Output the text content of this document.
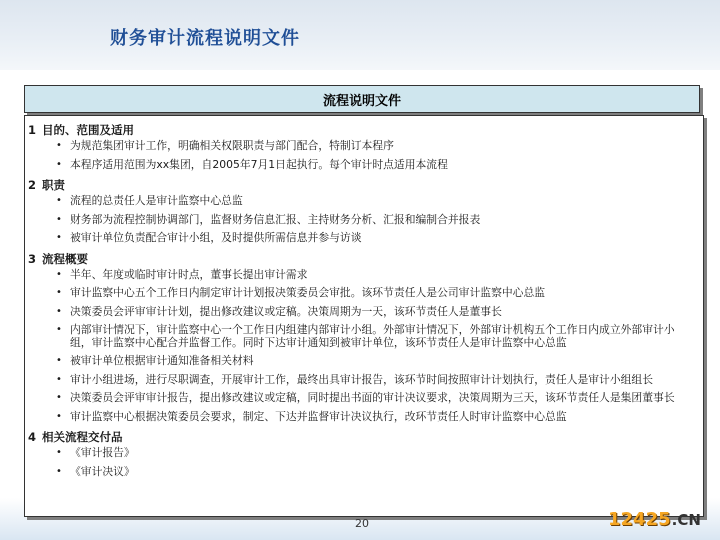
财务审计流程说明文件
流程说明文件
1 目的、范围及适用
• 为规范集团审计工作，明确相关权限职责与部门配合，特制订本程序
• 本程序适用范围为xx集团，自2005年7月1日起执行。每个审计时点适用本流程
2 职责
• 流程的总责任人是审计监察中心总监
• 财务部为流程控制协调部门，监督财务信息汇报、主持财务分析、汇报和编制合并报表
• 被审计单位负责配合审计小组，及时提供所需信息并参与访谈
3 流程概要
• 半年、年度或临时审计时点，董事长提出审计需求
• 审计监察中心五个工作日内制定审计计划报决策委员会审批。该环节责任人是公司审计监察中心总监
• 决策委员会评审审计计划，提出修改建议或定稿。决策周期为一天，该环节责任人是董事长
• 内部审计情况下，审计监察中心一个工作日内组建内部审计小组。外部审计情况下，外部审计机构五个工作日内成立外部审计小组，审计监察中心配合并监督工作。同时下达审计通知到被审计单位，该环节责任人是审计监察中心总监
• 被审计单位根据审计通知准备相关材料
• 审计小组进场，进行尽职调查，开展审计工作，最终出具审计报告，该环节时间按照审计计划执行，责任人是审计小组组长
• 决策委员会评审审计报告，提出修改建议或定稿，同时提出书面的审计决议要求，决策周期为三天，该环节责任人是集团董事长
• 审计监察中心根据决策委员会要求，制定、下达并监督审计决议执行，改环节责任人时审计监察中心总监
4 相关流程交付品
• 《审计报告》
• 《审计决议》
20	12425 .CN
